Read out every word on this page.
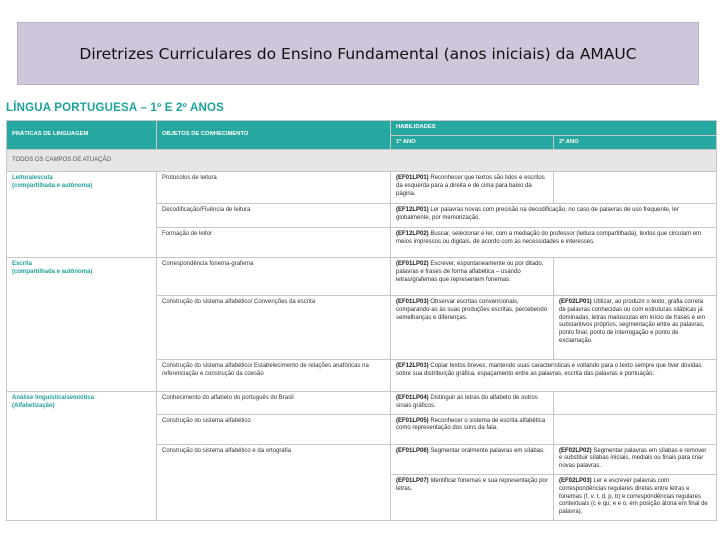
Diretrizes Curriculares do Ensino Fundamental (anos iniciais) da AMAUC
LÍNGUA PORTUGUESA – 1º E 2º ANOS
PRÁTICAS DE LINGUAGEM	OBJETOS DE CONHECIMENTO	HABILIDADES	
		1º ANO	2º ANO
TODOS OS CAMPOS DE ATUAÇÃO			

Leitura/escuta
(compartilhada e autônoma)	Protocolos de leitura	(EF01LP01) Reconhecer que textos são lidos e escritos da esquerda para a direita e de cima para baixo da página.	
	Decodificação/Fluência de leitura	(EF12LP01) Ler palavras novas com precisão na decodificação, no caso de palavras de uso frequente, ler globalmente, por memorização.	
	Formação de leitor	(EF12LP02) Buscar, selecionar e ler, com a mediação do professor (leitura compartilhada), textos que circulam em meios impressos ou digitais, de acordo com as necessidades e interesses.	

Escrita
(compartilhada e autônoma)	Correspondência fonema-grafema	(EF01LP02) Escrever, espontaneamente ou por ditado, palavras e frases de forma alfabética – usando letras/grafemas que representem fonemas.	
	Construção do sistema alfabético/ Convenções da escrita	(EF01LP03) Observar escritas convencionais, comparando-as às suas produções escritas, percebendo semelhanças e diferenças.	(EF02LP01) Utilizar, ao produzir o texto, grafia correta de palavras conhecidas ou com estruturas silábicas já dominadas, letras maiúsculas em início de frases e em substantivos próprios, segmentação entre as palavras, ponto final, ponto de interrogação e ponto de exclamação.
	Construção do sistema alfabético/ Estabelecimento de relações anafóricas na referenciação e construção da coesão	(EF12LP03) Copiar textos breves, mantendo suas características e voltando para o texto sempre que tiver dúvidas sobre sua distribuição gráfica, espaçamento entre as palavras, escrita das palavras e pontuação.	

Análise linguística/semiótica
(Alfabetização)	Conhecimento do alfabeto do português do Brasil	(EF01LP04) Distinguir as letras do alfabeto de outros sinais gráficos.	
	Construção do sistema alfabético	(EF01LP05) Reconhecer o sistema de escrita alfabética como representação dos sons da fala.	
	Construção do sistema alfabético e da ortografia	(EF01LP06) Segmentar oralmente palavras em sílabas.	(EF02LP02) Segmentar palavras em sílabas e remover e substituir sílabas iniciais, mediais ou finais para criar novas palavras.
		(EF01LP07) Identificar fonemas e sua representação por letras.	(EF02LP03) Ler e escrever palavras com correspondências regulares diretas entre letras e fonemas (f, v, t, d, p, b) e correspondências regulares contextuais (c e qu; e e o, em posição átona em final de palavra).
